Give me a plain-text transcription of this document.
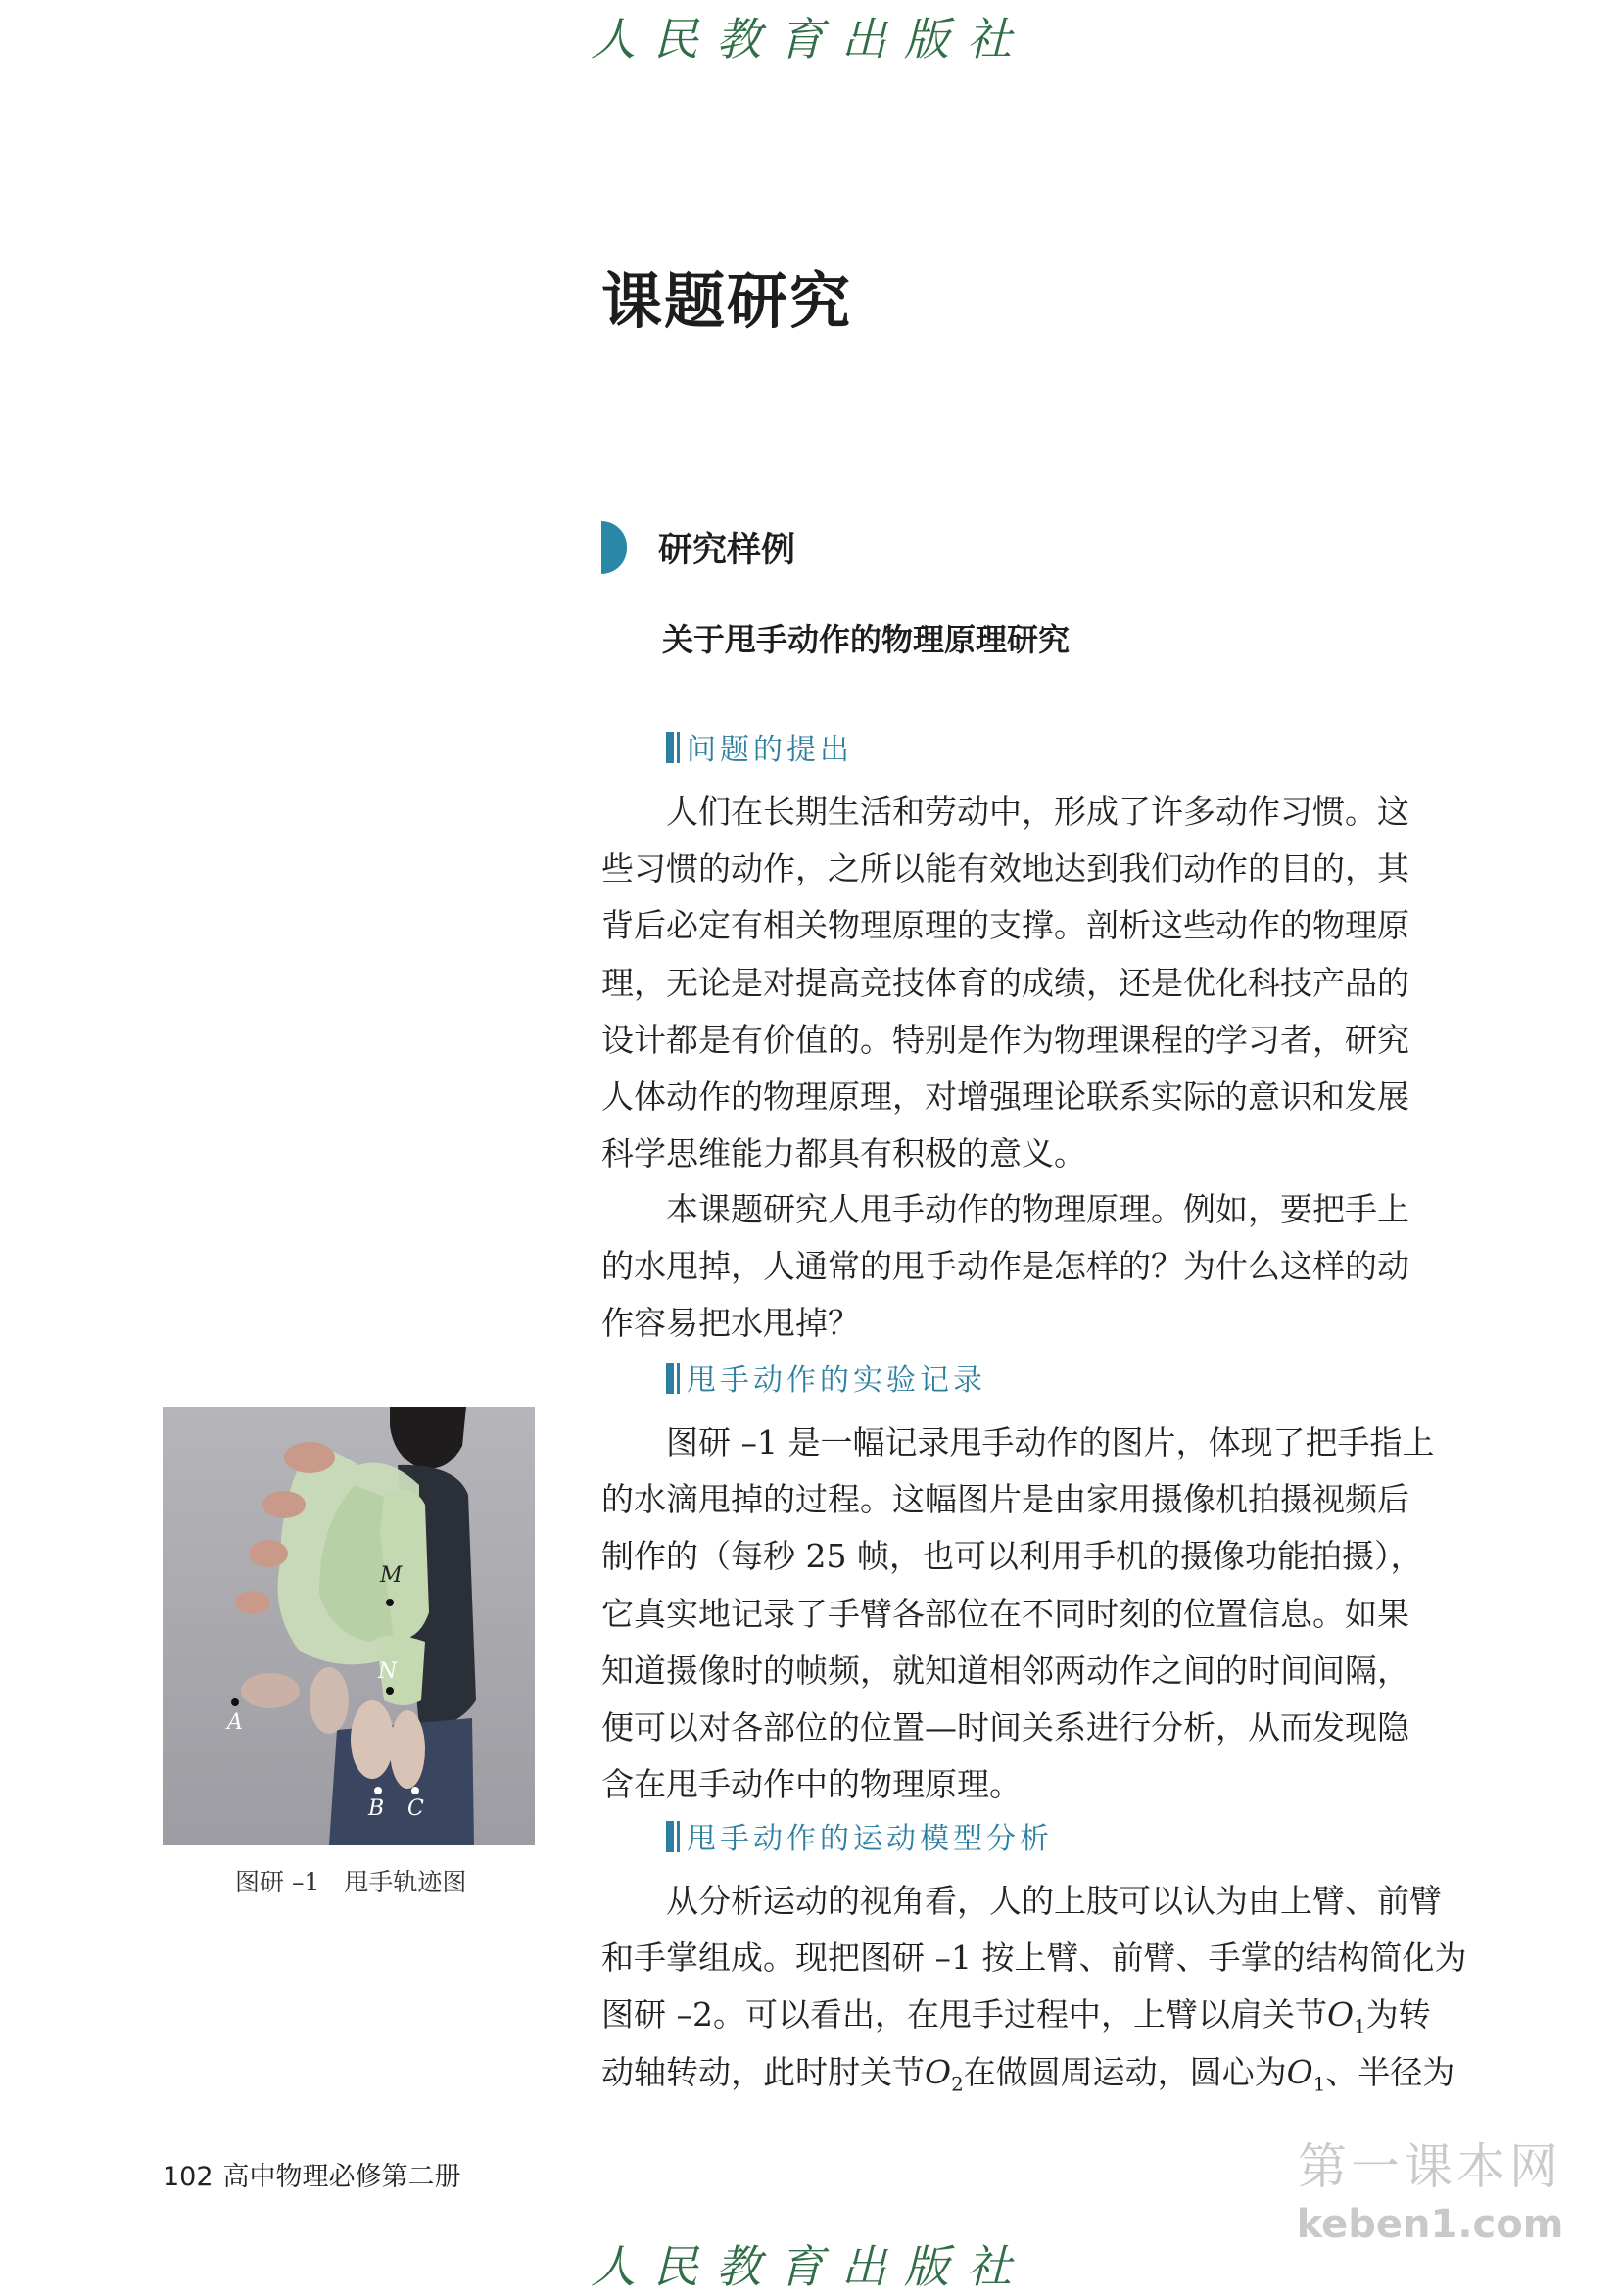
人民教育出版社
课题研究
研究样例
关于甩手动作的物理原理研究
问题的提出
人们在长期生活和劳动中，形成了许多动作习惯。这
些习惯的动作，之所以能有效地达到我们动作的目的，其
背后必定有相关物理原理的支撑。剖析这些动作的物理原
理，无论是对提高竞技体育的成绩，还是优化科技产品的
设计都是有价值的。特别是作为物理课程的学习者，研究
人体动作的物理原理，对增强理论联系实际的意识和发展
科学思维能力都具有积极的意义。
本课题研究人甩手动作的物理原理。例如，要把手上
的水甩掉，人通常的甩手动作是怎样的？为什么这样的动
作容易把水甩掉？
甩手动作的实验记录
图研 –1 是一幅记录甩手动作的图片，体现了把手指上
的水滴甩掉的过程。这幅图片是由家用摄像机拍摄视频后
制作的（每秒 25 帧，也可以利用手机的摄像功能拍摄），
它真实地记录了手臂各部位在不同时刻的位置信息。如果
知道摄像时的帧频，就知道相邻两动作之间的时间间隔，
便可以对各部位的位置—时间关系进行分析，从而发现隐
含在甩手动作中的物理原理。
甩手动作的运动模型分析
从分析运动的视角看，人的上肢可以认为由上臂、前臂
和手掌组成。现把图研 –1 按上臂、前臂、手掌的结构简化为
图研 –2。可以看出，在甩手过程中，上臂以肩关节$O_1$为转
动轴转动，此时肘关节$O_2$在做圆周运动，圆心为$O_1$、半径为
M
N
A
B C
图研 –1　甩手轨迹图
102 高中物理必修第二册	第一课本网
keben1.com
人民教育出版社
